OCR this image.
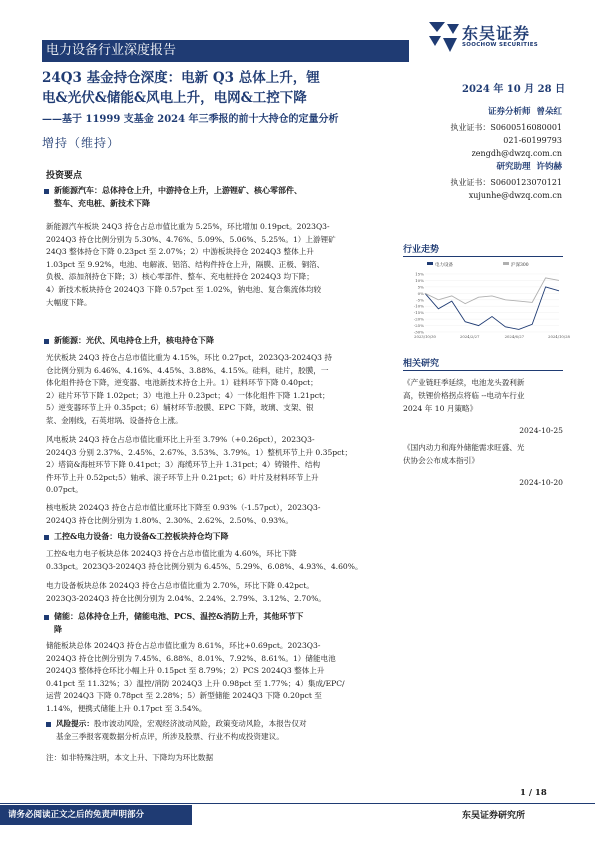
电力设备行业深度报告
东吴证券
SOOCHOW SECURITIES
24Q3 基金持仓深度：电新 Q3 总体上升，锂
电&光伏&储能&风电上升，电网&工控下降
——基于 11999 支基金 2024 年三季报的前十大持仓的定量分析
增持（维持）
2024 年 10 月 28 日
证券分析师 曾朵红
执业证书：S0600516080001
021-60199793
zengdh@dwzq.com.cn
研究助理 许钧赫
执业证书：S0600123070121
xujunhe@dwzq.com.cn
行业走势
电力设备	沪深300
15%
10%
5%
0%
-5%
-10%
-15%
-20%
-25%
-30%
2023/10/30	2024/2/27	2024/6/27	2024/10/28
相关研究
《产业链旺季延续，电池龙头盈利新
高，铁锂价格拐点将临 --电动车行业
2024 年 10 月策略》
2024-10-25
《国内动力和海外储能需求旺盛、光
伏协会公布成本指引》
2024-10-20
投资要点
新能源汽车：总体持仓上升，中游持仓上升，上游锂矿、核心零部件、
整车、充电桩、新技术下降
新能源汽车板块 24Q3 持仓占总市值比重为 5.25%，环比增加 0.19pct。2023Q3-
2024Q3 持仓比例分别为 5.30%、4.76%、5.09%、5.06%、5.25%。1）上游锂矿
24Q3 整体持仓下降 0.23pct 至 2.07%；2）中游板块持仓 2024Q3 整体上升
1.03pct 至 9.92%，电池、电解液、铝箔、结构件持仓上升，隔膜、正极、铜箔、
负极、添加剂持仓下降；3）核心零部件、整车、充电桩持仓 2024Q3 均下降；
4）新技术板块持仓 2024Q3 下降 0.57pct 至 1.02%，钠电池、复合集流体均较
大幅度下降。
新能源：光伏、风电持仓上升，核电持仓下降
光伏板块 24Q3 持仓占总市值比重为 4.15%，环比 0.27pct，2023Q3-2024Q3 持
仓比例分别为 6.46%、4.16%、4.45%、3.88%、4.15%。硅料，硅片，胶膜，一
体化组件持仓下降，逆变器、电池新技术持仓上升。1）硅料环节下降 0.40pct；
2）硅片环节下降 1.02pct；3）电池上升 0.23pct；4）一体化组件下降 1.21pct；
5）逆变器环节上升 0.35pct；6）辅材环节:胶膜、EPC 下降，玻璃、支架、银
浆、金刚线，石英坩埚、设备持仓上涨。
风电板块 24Q3 持仓占总市值比重环比上升至 3.79%（+0.26pct），2023Q3-
2024Q3 分别 2.37%、2.45%、2.67%、3.53%、3.79%。1）整机环节上升 0.35pct；
2）塔筒&海桩环节下降 0.41pct；3）海缆环节上升 1.31pct；4）铸锻件、结构
件环节上升 0.52pct;5）轴承、滚子环节上升 0.21pct；6）叶片及材料环节上升
0.07pct。
核电板块 2024Q3 持仓占总市值比重环比下降至 0.93%（-1.57pct），2023Q3-
2024Q3 持仓比例分别为 1.80%、2.30%、2.62%、2.50%、0.93%。
工控&电力设备：电力设备&工控板块持仓均下降
工控&电力电子板块总体 2024Q3 持仓占总市值比重为 4.60%，环比下降
0.33pct。2023Q3-2024Q3 持仓比例分别为 6.45%、5.29%、6.08%、4.93%、4.60%。
电力设备板块总体 2024Q3 持仓占总市值比重为 2.70%，环比下降 0.42pct。
2023Q3-2024Q3 持仓比例分别为 2.04%、2.24%、2.79%、3.12%、2.70%。
储能：总体持仓上升，储能电池、PCS、温控&消防上升，其他环节下
降
储能板块总体 2024Q3 持仓占总市值比重为 8.61%，环比+0.69pct。2023Q3-
2024Q3 持仓比例分别为 7.45%、6.88%、8.01%、7.92%、8.61%。1）储能电池
2024Q3 整体持仓环比小幅上升 0.15pct 至 8.79%；2）PCS 2024Q3 整体上升
0.41pct 至 11.32%；3）温控/消防 2024Q3 上升 0.98pct 至 1.77%；4）集成/EPC/
运营 2024Q3 下降 0.78pct 至 2.28%；5）新型储能 2024Q3 下降 0.20pct 至
1.14%，便携式储能上升 0.17pct 至 3.54%。
风险提示：股市波动风险，宏观经济波动风险，政策变动风险，本报告仅对
基金三季报客观数据分析点评，所涉及股票、行业不构成投资建议。
注：如非特殊注明，本文上升、下降均为环比数据
1 / 18
请务必阅读正文之后的免责声明部分	东吴证券研究所
